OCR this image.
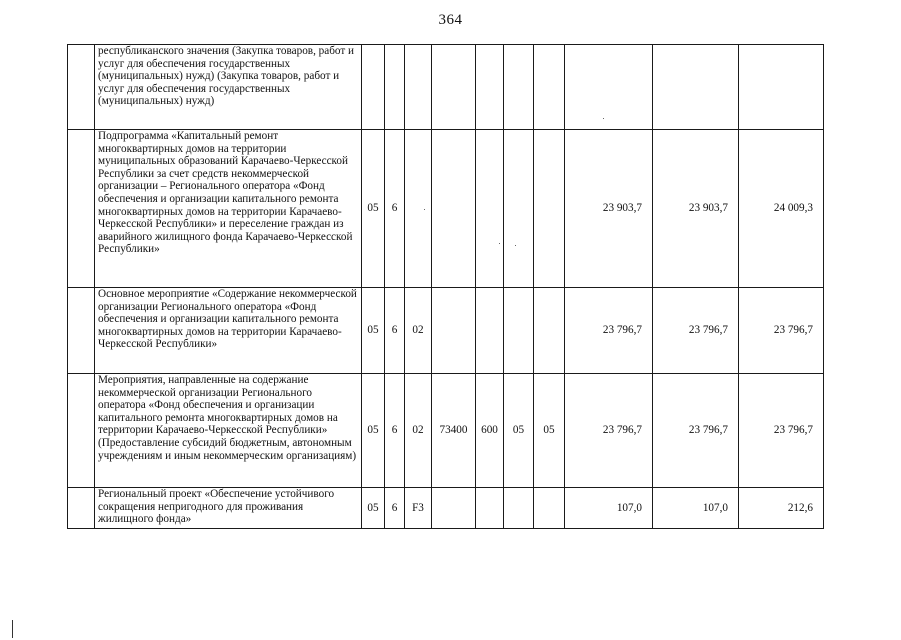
364
	республиканского значения (Закупка товаров, работ и услуг для обеспечения государственных (муниципальных) нужд) (Закупка товаров, работ и услуг для обеспечения государственных (муниципальных) нужд)										
	Подпрограмма «Капитальный ремонт многоквартирных домов на территории муниципальных образований Карачаево-Черкесской Республики за счет средств некоммерческой организации – Регионального оператора «Фонд обеспечения и организации капитального ремонта многоквартирных домов на территории Карачаево-Черкесской Республики» и переселение граждан из аварийного жилищного фонда Карачаево-Черкесской Республики»	05	6						23 903,7	23 903,7	24 009,3
	Основное мероприятие «Содержание некоммерческой организации Регионального оператора «Фонд обеспечения и организации капитального ремонта многоквартирных домов на территории Карачаево-Черкесской Республики»	05	6	02					23 796,7	23 796,7	23 796,7
	Мероприятия, направленные на содержание некоммерческой организации Регионального оператора «Фонд обеспечения и организации капитального ремонта многоквартирных домов на территории Карачаево-Черкесской Республики» (Предоставление субсидий бюджетным, автономным учреждениям и иным некоммерческим организациям)	05	6	02	73400	600	05	05	23 796,7	23 796,7	23 796,7
	Региональный проект «Обеспечение устойчивого сокращения непригодного для проживания жилищного фонда»	05	6	F3					107,0	107,0	212,6
